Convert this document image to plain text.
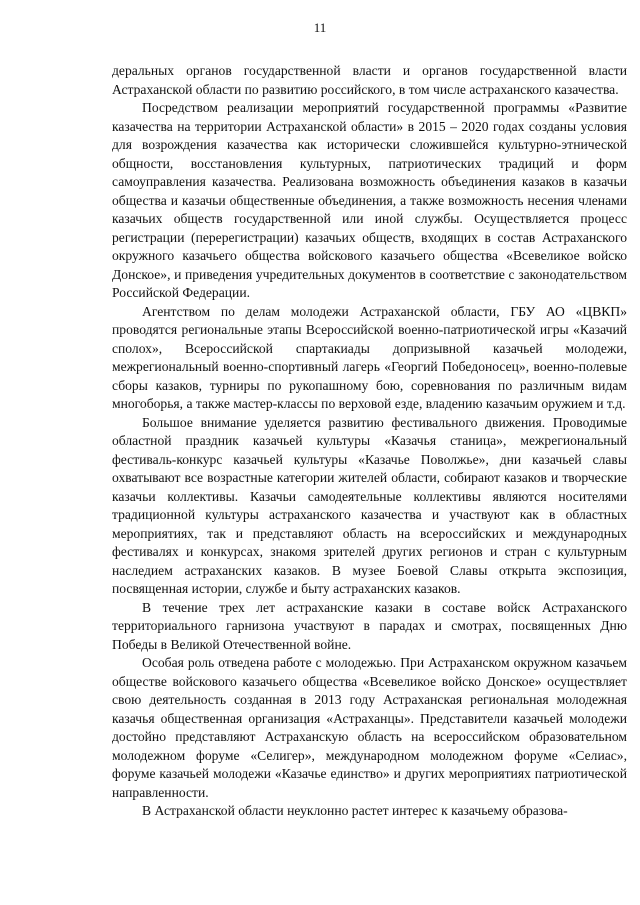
11

деральных органов государственной власти и органов государственной власти Астраханской области по развитию российского, в том числе астраханского казачества.

Посредством реализации мероприятий государственной программы «Развитие казачества на территории Астраханской области» в 2015 – 2020 годах созданы условия для возрождения казачества как исторически сложившейся культурно-этнической общности, восстановления культурных, патриотических традиций и форм самоуправления казачества. Реализована возможность объединения казаков в казачьи общества и казачьи общественные объединения, а также возможность несения членами казачьих обществ государственной или иной службы. Осуществляется процесс регистрации (перерегистрации) казачьих обществ, входящих в состав Астраханского окружного казачьего общества войскового казачьего общества «Всевеликое войско Донское», и приведения учредительных документов в соответствие с законодательством Российской Федерации.

Агентством по делам молодежи Астраханской области, ГБУ АО «ЦВКП» проводятся региональные этапы Всероссийской военно-патриотической игры «Казачий сполох», Всероссийской спартакиады допризывной казачьей молодежи, межрегиональный военно-спортивный лагерь «Георгий Победоносец», военно-полевые сборы казаков, турниры по рукопашному бою, соревнования по различным видам многоборья, а также мастер-классы по верховой езде, владению казачьим оружием и т.д.

Большое внимание уделяется развитию фестивального движения. Проводимые областной праздник казачьей культуры «Казачья станица», межрегиональный фестиваль-конкурс казачьей культуры «Казачье Поволжье», дни казачьей славы охватывают все возрастные категории жителей области, собирают казаков и творческие казачьи коллективы. Казачьи самодеятельные коллективы являются носителями традиционной культуры астраханского казачества и участвуют как в областных мероприятиях, так и представляют область на всероссийских и международных фестивалях и конкурсах, знакомя зрителей других регионов и стран с культурным наследием астраханских казаков. В музее Боевой Славы открыта экспозиция, посвященная истории, службе и быту астраханских казаков.

В течение трех лет астраханские казаки в составе войск Астраханского территориального гарнизона участвуют в парадах и смотрах, посвященных Дню Победы в Великой Отечественной войне.

Особая роль отведена работе с молодежью. При Астраханском окружном казачьем обществе войскового казачьего общества «Всевеликое войско Донское» осуществляет свою деятельность созданная в 2013 году Астраханская региональная молодежная казачья общественная организация «Астраханцы». Представители казачьей молодежи достойно представляют Астраханскую область на всероссийском образовательном молодежном форуме «Селигер», международном молодежном форуме «Селиас», форуме казачьей молодежи «Казачье единство» и других мероприятиях патриотической направленности.

В Астраханской области неуклонно растет интерес к казачьему образова-
